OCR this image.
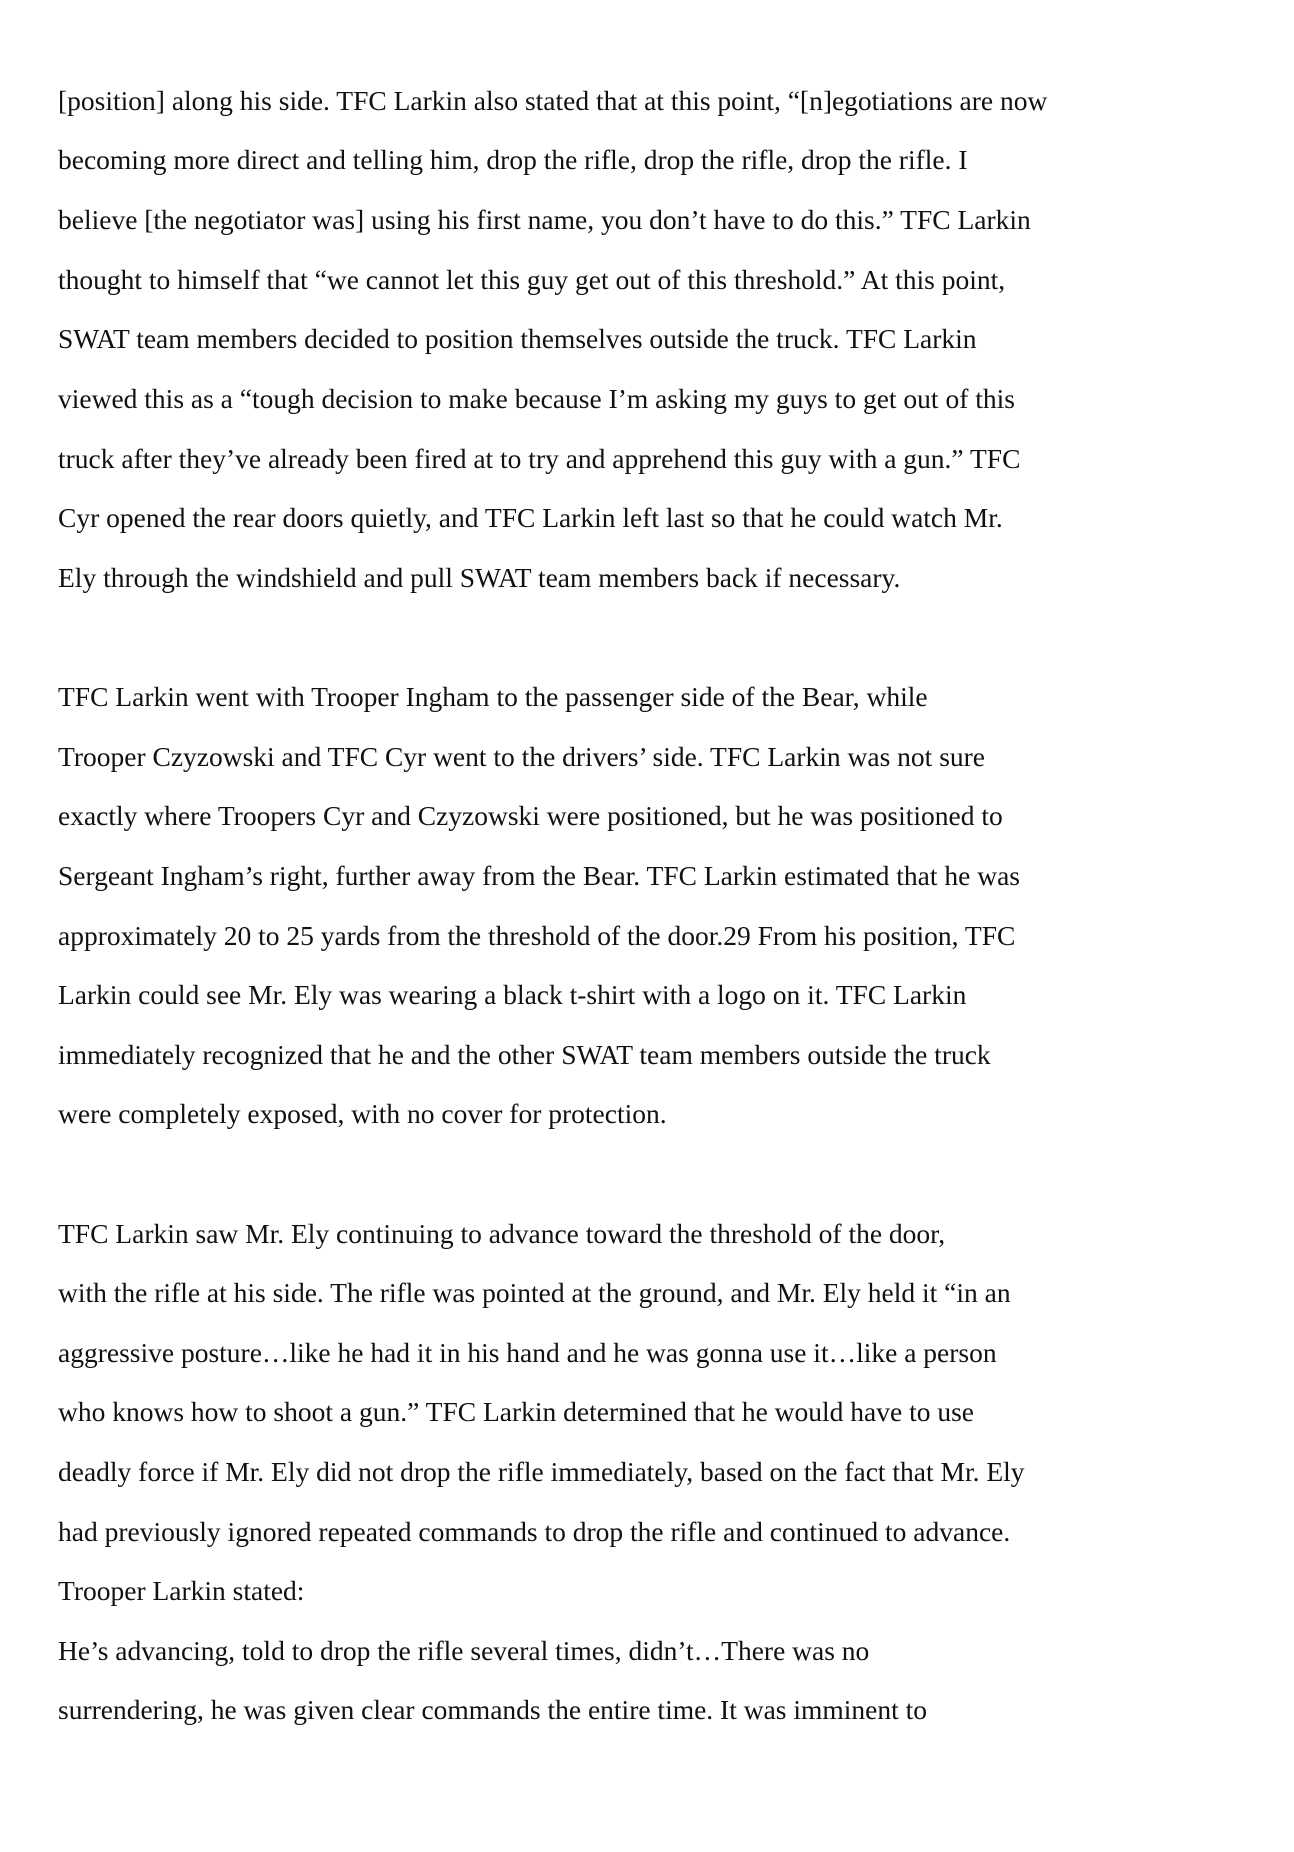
[position] along his side. TFC Larkin also stated that at this point, “[n]egotiations are now
becoming more direct and telling him, drop the rifle, drop the rifle, drop the rifle. I
believe [the negotiator was] using his first name, you don’t have to do this.” TFC Larkin
thought to himself that “we cannot let this guy get out of this threshold.” At this point,
SWAT team members decided to position themselves outside the truck. TFC Larkin
viewed this as a “tough decision to make because I’m asking my guys to get out of this
truck after they’ve already been fired at to try and apprehend this guy with a gun.” TFC
Cyr opened the rear doors quietly, and TFC Larkin left last so that he could watch Mr.
Ely through the windshield and pull SWAT team members back if necessary.
TFC Larkin went with Trooper Ingham to the passenger side of the Bear, while
Trooper Czyzowski and TFC Cyr went to the drivers’ side. TFC Larkin was not sure
exactly where Troopers Cyr and Czyzowski were positioned, but he was positioned to
Sergeant Ingham’s right, further away from the Bear. TFC Larkin estimated that he was
approximately 20 to 25 yards from the threshold of the door.29 From his position, TFC
Larkin could see Mr. Ely was wearing a black t-shirt with a logo on it. TFC Larkin
immediately recognized that he and the other SWAT team members outside the truck
were completely exposed, with no cover for protection.
TFC Larkin saw Mr. Ely continuing to advance toward the threshold of the door,
with the rifle at his side. The rifle was pointed at the ground, and Mr. Ely held it “in an
aggressive posture…like he had it in his hand and he was gonna use it…like a person
who knows how to shoot a gun.” TFC Larkin determined that he would have to use
deadly force if Mr. Ely did not drop the rifle immediately, based on the fact that Mr. Ely
had previously ignored repeated commands to drop the rifle and continued to advance.
Trooper Larkin stated:
He’s advancing, told to drop the rifle several times, didn’t…There was no
surrendering, he was given clear commands the entire time. It was imminent to
